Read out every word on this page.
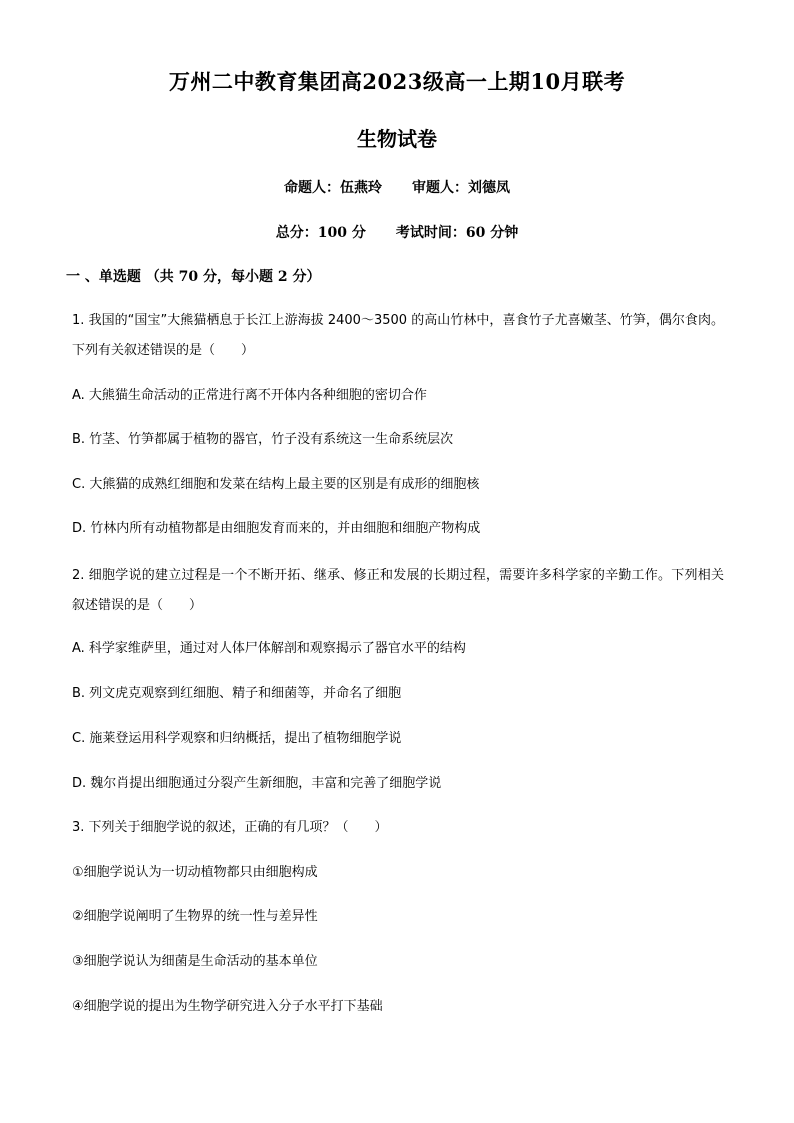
万州二中教育集团高2023级高一上期10月联考
生物试卷
命题人：伍燕玲 审题人：刘德凤
总分：100 分 考试时间：60 分钟
一 、单选题 （共 70 分，每小题 2 分）
1. 我国的“国宝”大熊猫栖息于长江上游海拔 2400～3500 的高山竹林中，喜食竹子尤喜嫩茎、竹笋，偶尔食肉。下列有关叙述错误的是（　　）
A. 大熊猫生命活动的正常进行离不开体内各种细胞的密切合作
B. 竹茎、竹笋都属于植物的器官，竹子没有系统这一生命系统层次
C. 大熊猫的成熟红细胞和发菜在结构上最主要的区别是有成形的细胞核
D. 竹林内所有动植物都是由细胞发育而来的，并由细胞和细胞产物构成
2. 细胞学说的建立过程是一个不断开拓、继承、修正和发展的长期过程，需要许多科学家的辛勤工作。下列相关叙述错误的是（　　）
A. 科学家维萨里，通过对人体尸体解剖和观察揭示了器官水平的结构
B. 列文虎克观察到红细胞、精子和细菌等，并命名了细胞
C. 施莱登运用科学观察和归纳概括，提出了植物细胞学说
D. 魏尔肖提出细胞通过分裂产生新细胞，丰富和完善了细胞学说
3. 下列关于细胞学说的叙述，正确的有几项？（　　）
①细胞学说认为一切动植物都只由细胞构成
②细胞学说阐明了生物界的统一性与差异性
③细胞学说认为细菌是生命活动的基本单位
④细胞学说的提出为生物学研究进入分子水平打下基础
